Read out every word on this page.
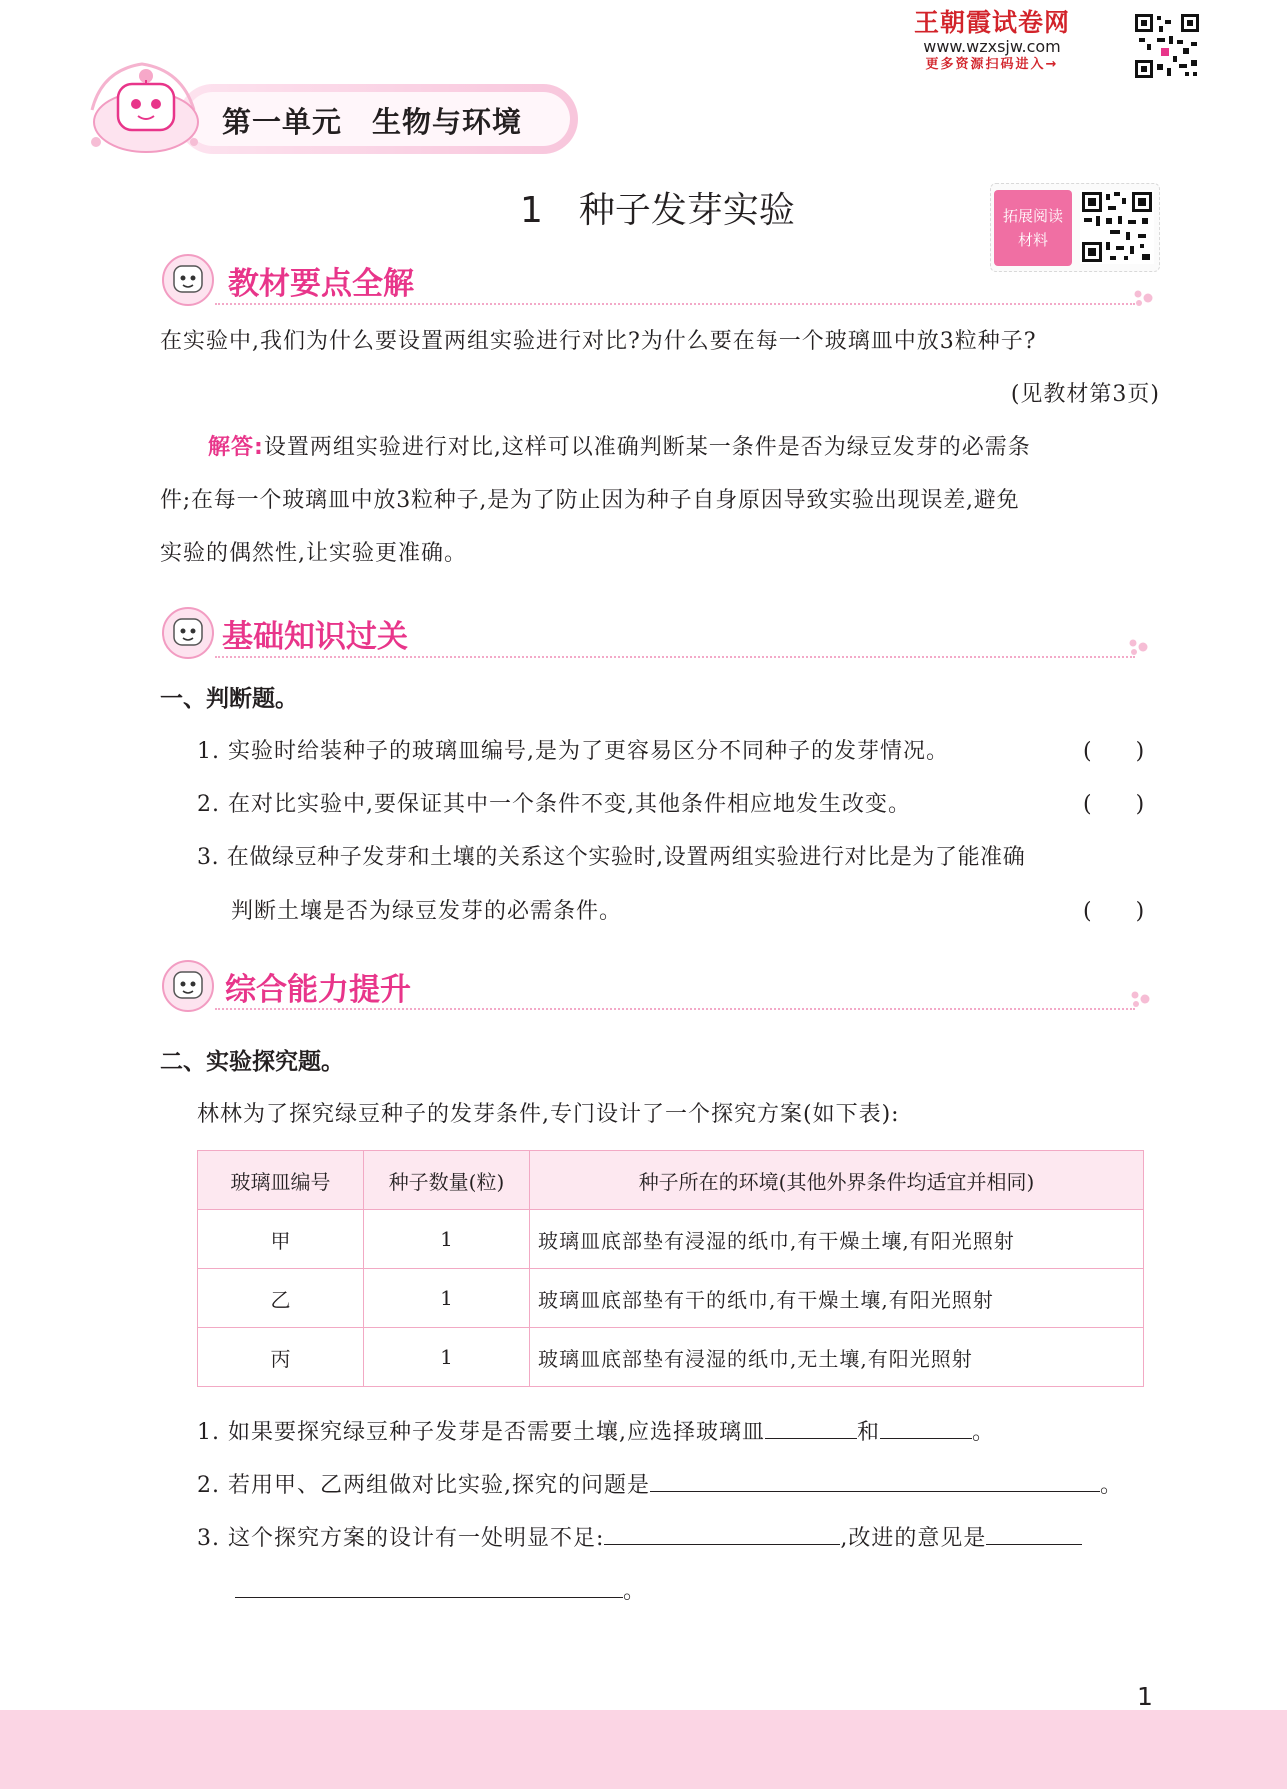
王朝霞试卷网
www.wzxsjw.com
更多资源扫码进入→
第一单元　生物与环境
1　种子发芽实验	拓展阅读
材料
教材要点全解
在实验中,我们为什么要设置两组实验进行对比?为什么要在每一个玻璃皿中放3粒种子?
(见教材第3页)
解答:设置两组实验进行对比,这样可以准确判断某一条件是否为绿豆发芽的必需条
件;在每一个玻璃皿中放3粒种子,是为了防止因为种子自身原因导致实验出现误差,避免
实验的偶然性,让实验更准确。
基础知识过关
一、判断题。
1. 实验时给装种子的玻璃皿编号,是为了更容易区分不同种子的发芽情况。	(　　)
2. 在对比实验中,要保证其中一个条件不变,其他条件相应地发生改变。	(　　)
3. 在做绿豆种子发芽和土壤的关系这个实验时,设置两组实验进行对比是为了能准确
判断土壤是否为绿豆发芽的必需条件。	(　　)
综合能力提升
二、实验探究题。
林林为了探究绿豆种子的发芽条件,专门设计了一个探究方案(如下表):
玻璃皿编号	种子数量(粒)	种子所在的环境(其他外界条件均适宜并相同)
甲	1	玻璃皿底部垫有浸湿的纸巾,有干燥土壤,有阳光照射
乙	1	玻璃皿底部垫有干的纸巾,有干燥土壤,有阳光照射
丙	1	玻璃皿底部垫有浸湿的纸巾,无土壤,有阳光照射
1. 如果要探究绿豆种子发芽是否需要土壤,应选择玻璃皿	和	。
2. 若用甲、乙两组做对比实验,探究的问题是	。
3. 这个探究方案的设计有一处明显不足:	,改进的意见是
。
1
